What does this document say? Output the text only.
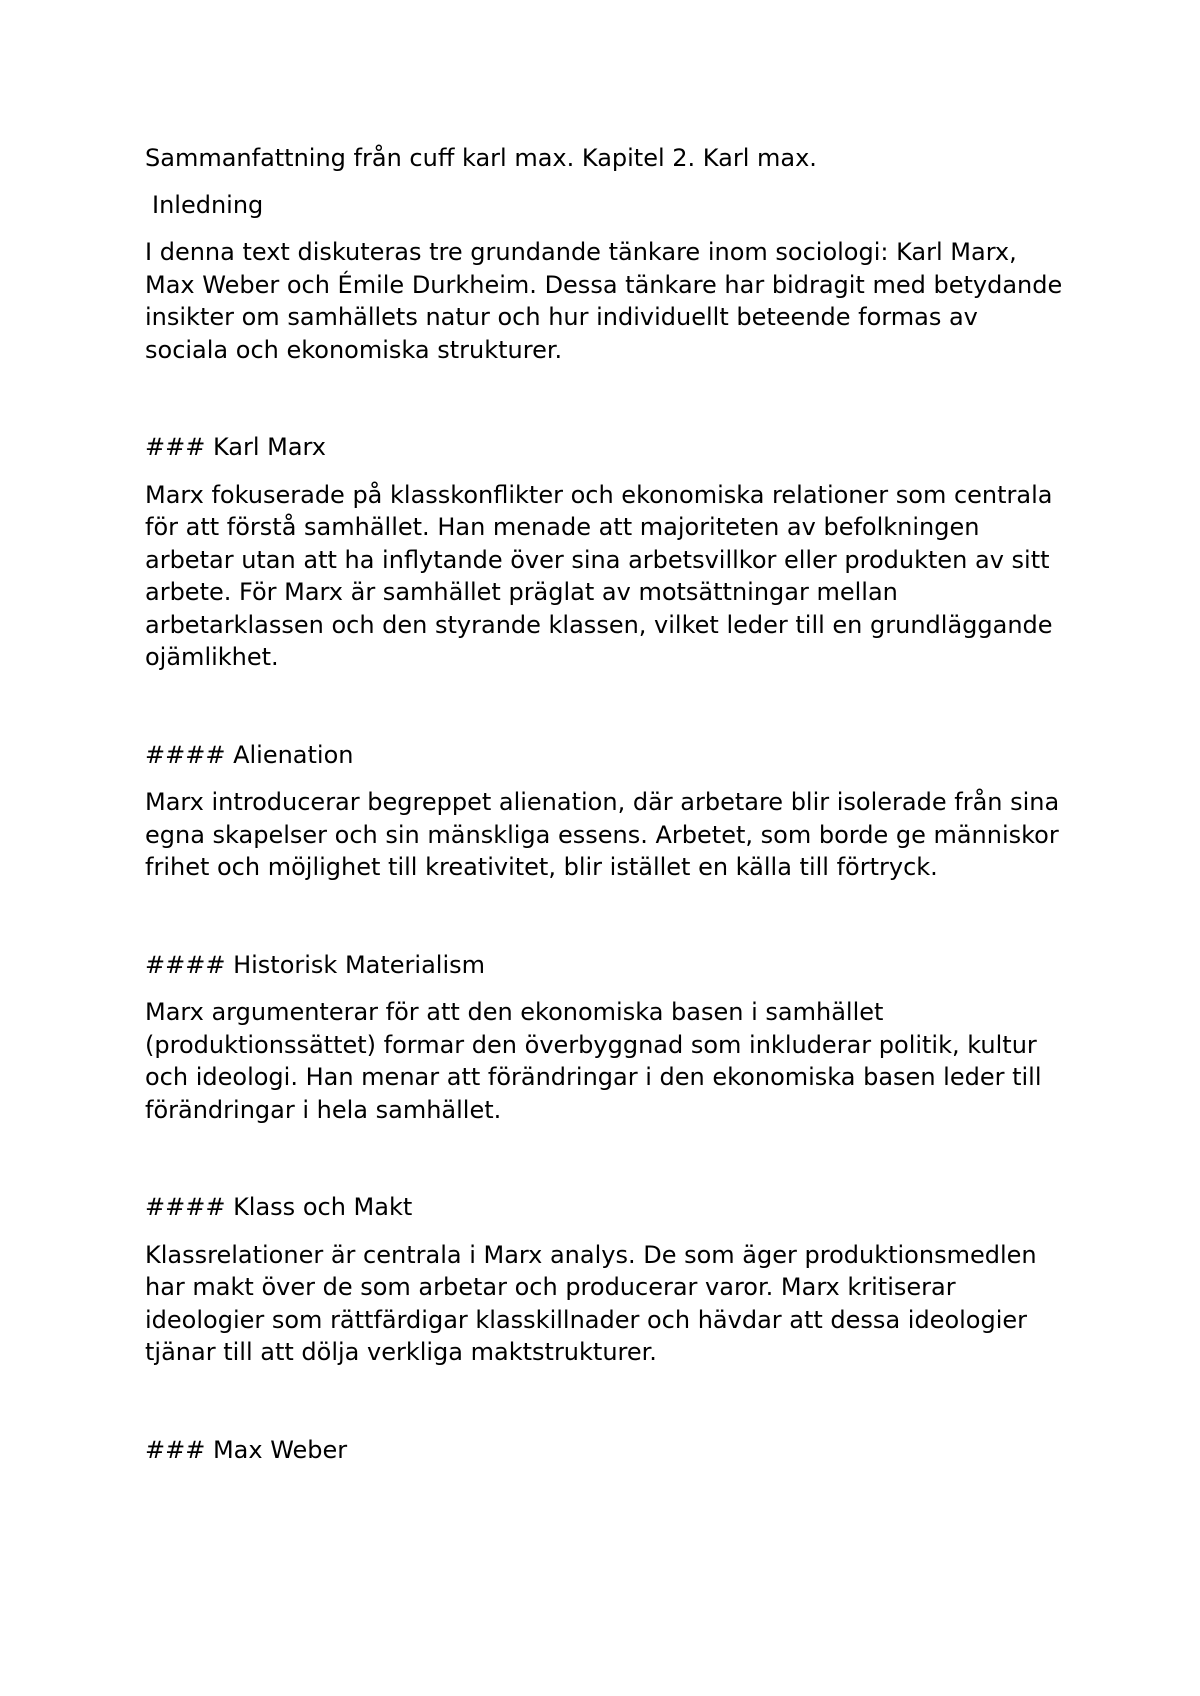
Sammanfattning från cuff karl max. Kapitel 2. Karl max.

Inledning

I denna text diskuteras tre grundande tänkare inom sociologi: Karl Marx, Max Weber och Émile Durkheim. Dessa tänkare har bidragit med betydande insikter om samhällets natur och hur individuellt beteende formas av sociala och ekonomiska strukturer.

### Karl Marx

Marx fokuserade på klasskonflikter och ekonomiska relationer som centrala för att förstå samhället. Han menade att majoriteten av befolkningen arbetar utan att ha inflytande över sina arbetsvillkor eller produkten av sitt arbete. För Marx är samhället präglat av motsättningar mellan arbetarklassen och den styrande klassen, vilket leder till en grundläggande ojämlikhet.

#### Alienation

Marx introducerar begreppet alienation, där arbetare blir isolerade från sina egna skapelser och sin mänskliga essens. Arbetet, som borde ge människor frihet och möjlighet till kreativitet, blir istället en källa till förtryck.

#### Historisk Materialism

Marx argumenterar för att den ekonomiska basen i samhället (produktionssättet) formar den överbyggnad som inkluderar politik, kultur och ideologi. Han menar att förändringar i den ekonomiska basen leder till förändringar i hela samhället.

#### Klass och Makt

Klassrelationer är centrala i Marx analys. De som äger produktionsmedlen har makt över de som arbetar och producerar varor. Marx kritiserar ideologier som rättfärdigar klasskillnader och hävdar att dessa ideologier tjänar till att dölja verkliga maktstrukturer.

### Max Weber
